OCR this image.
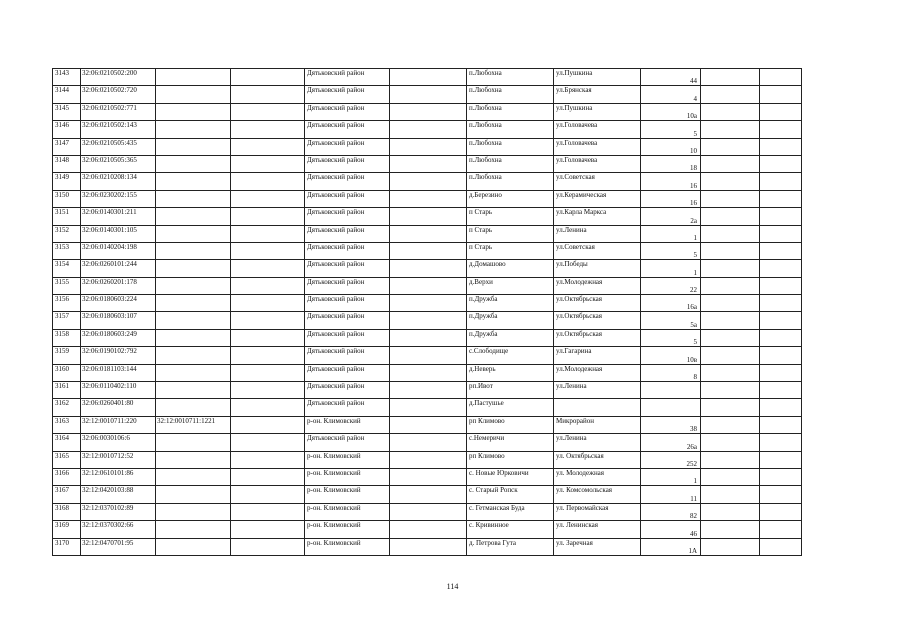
3143	32:06:0210502:200			Дятьковский район		п.Любохна	ул.Пушкина	44		
3144	32:06:0210502:720			Дятьковский район		п.Любохна	ул.Брянская	4		
3145	32:06:0210502:771			Дятьковский район		п.Любохна	ул.Пушкина	10а		
3146	32:06:0210502:143			Дятьковский район		п.Любохна	ул.Головачева	5		
3147	32:06:0210505:435			Дятьковский район		п.Любохна	ул.Головачева	10		
3148	32:06:0210505:365			Дятьковский район		п.Любохна	ул.Головачева	18		
3149	32:06:0210208:134			Дятьковский район		п.Любохна	ул.Советская	16		
3150	32:06:0230202:155			Дятьковский район		д.Березино	ул.Керамическая	16		
3151	32:06:0140301:211			Дятьковский район		п Старь	ул.Карла Маркса	2а		
3152	32:06:0140301:105			Дятьковский район		п Старь	ул.Ленина	1		
3153	32:06:0140204:198			Дятьковский район		п Старь	ул.Советская	5		
3154	32:06:0260101:244			Дятьковский район		д.Домашово	ул.Победы	1		
3155	32:06:0260201:178			Дятьковский район		д.Верхи	ул.Молодежная	22		
3156	32:06:0180603:224			Дятьковский район		п.Дружба	ул.Октябрьская	16а		
3157	32:06:0180603:107			Дятьковский район		п.Дружба	ул.Октябрьская	5а		
3158	32:06:0180603:249			Дятьковский район		п.Дружба	ул.Октябрьская	5		
3159	32:06:0190102:792			Дятьковский район		с.Слободище	ул.Гагарина	10в		
3160	32:06:0181103:144			Дятьковский район		д.Неверь	ул.Молодежная	8		
3161	32:06:0110402:110			Дятьковский район		рп.Ивот	ул.Ленина			
3162	32:06:0260401:80			Дятьковский район		д.Пастушье				
3163	32:12:0010711:220	32:12:0010711:1221		р-он. Климовский		рп Климово	Микрорайон	38		
3164	32:06:0030106:6			Дятьковский район		с.Немеричи	ул.Ленина	26а		
3165	32:12:0010712:52			р-он. Климовский		рп Климово	ул. Октябрьская	252		
3166	32:12:0610101:86			р-он. Климовский		с. Новые Юрковичи	ул. Молодежная	1		
3167	32:12:0420103:88			р-он. Климовский		с. Старый Ропск	ул. Комсомольская	11		
3168	32:12:0370102:89			р-он. Климовский		с. Гетманская Буда	ул. Первомайская	82		
3169	32:12:0370302:66			р-он. Климовский		с. Кривинное	ул. Ленинская	46		
3170	32:12:0470701:95			р-он. Климовский		д. Петрова Гута	ул. Заречная	1А		
114
